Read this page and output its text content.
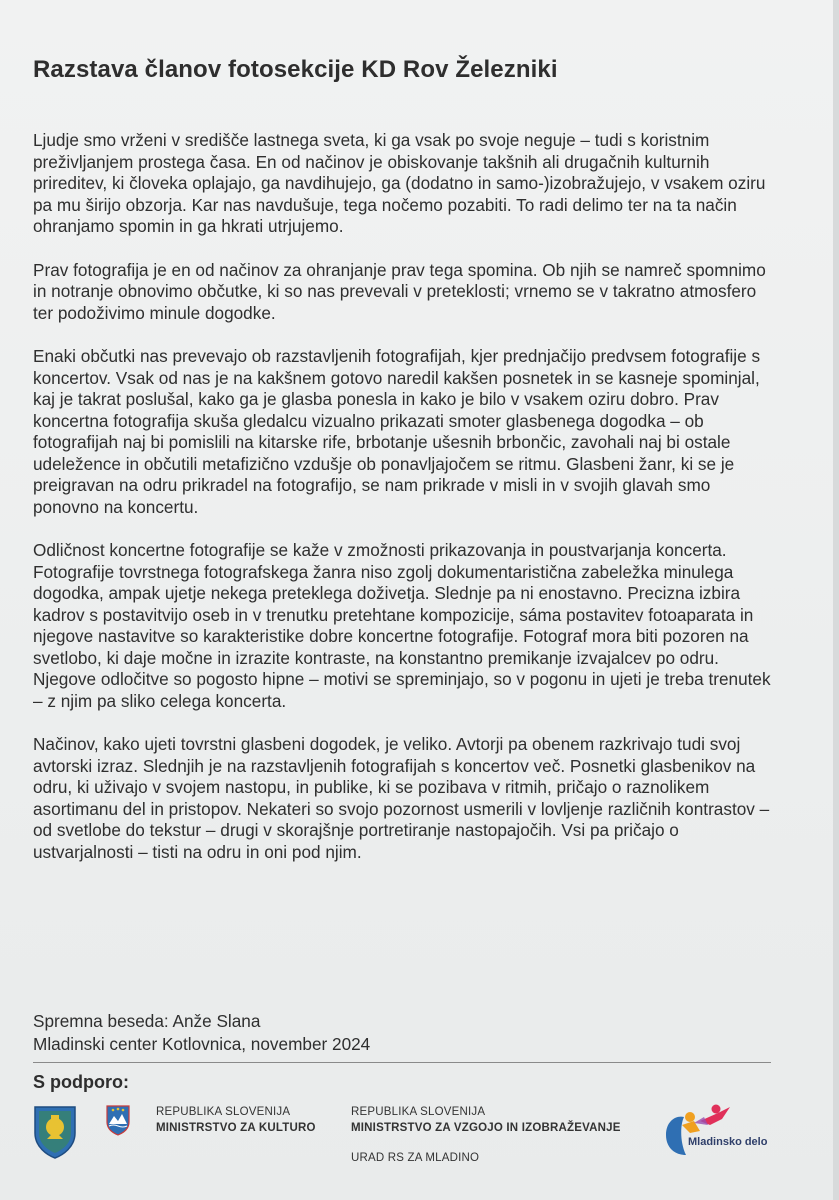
Razstava članov fotosekcije KD Rov Železniki

Ljudje smo vrženi v središče lastnega sveta, ki ga vsak po svoje neguje – tudi s koristnim preživljanjem prostega časa. En od načinov je obiskovanje takšnih ali drugačnih kulturnih prireditev, ki človeka oplajajo, ga navdihujejo, ga (dodatno in samo-)izobražujejo, v vsakem oziru pa mu širijo obzorja. Kar nas navdušuje, tega nočemo pozabiti. To radi delimo ter na ta način ohranjamo spomin in ga hkrati utrjujemo.

Prav fotografija je en od načinov za ohranjanje prav tega spomina. Ob njih se namreč spomnimo in notranje obnovimo občutke, ki so nas prevevali v preteklosti; vrnemo se v takratno atmosfero ter podoživimo minule dogodke.

Enaki občutki nas prevevajo ob razstavljenih fotografijah, kjer prednjačijo predvsem fotografije s koncertov. Vsak od nas je na kakšnem gotovo naredil kakšen posnetek in se kasneje spominjal, kaj je takrat poslušal, kako ga je glasba ponesla in kako je bilo v vsakem oziru dobro. Prav koncertna fotografija skuša gledalcu vizualno prikazati smoter glasbenega dogodka – ob fotografijah naj bi pomislili na kitarske rife, brbotanje ušesnih brbončic, zavohali naj bi ostale udeležence in občutili metafizično vzdušje ob ponavljajočem se ritmu. Glasbeni žanr, ki se je preigravan na odru prikradel na fotografijo, se nam prikrade v misli in v svojih glavah smo ponovno na koncertu.

Odličnost koncertne fotografije se kaže v zmožnosti prikazovanja in poustvarjanja koncerta. Fotografije tovrstnega fotografskega žanra niso zgolj dokumentaristična zabeležka minulega dogodka, ampak ujetje nekega preteklega doživetja. Slednje pa ni enostavno. Precizna izbira kadrov s postavitvijo oseb in v trenutku pretehtane kompozicije, sáma postavitev fotoaparata in njegove nastavitve so karakteristike dobre koncertne fotografije. Fotograf mora biti pozoren na svetlobo, ki daje močne in izrazite kontraste, na konstantno premikanje izvajalcev po odru. Njegove odločitve so pogosto hipne – motivi se spreminjajo, so v pogonu in ujeti je treba trenutek – z njim pa sliko celega koncerta.

Načinov, kako ujeti tovrstni glasbeni dogodek, je veliko. Avtorji pa obenem razkrivajo tudi svoj avtorski izraz. Slednjih je na razstavljenih fotografijah s koncertov več. Posnetki glasbenikov na odru, ki uživajo v svojem nastopu, in publike, ki se pozibava v ritmih, pričajo o raznolikem asortimanu del in pristopov. Nekateri so svojo pozornost usmerili v lovljenje različnih kontrastov – od svetlobe do tekstur – drugi v skorajšnje portretiranje nastopajočih. Vsi pa pričajo o ustvarjalnosti – tisti na odru in oni pod njim.

Spremna beseda: Anže Slana
Mladinski center Kotlovnica, november 2024
S podporo:
REPUBLIKA SLOVENIJA
MINISTRSTVO ZA KULTURO
REPUBLIKA SLOVENIJA
MINISTRSTVO ZA VZGOJO IN IZOBRAŽEVANJE
URAD RS ZA MLADINO
Mladinsko delo
